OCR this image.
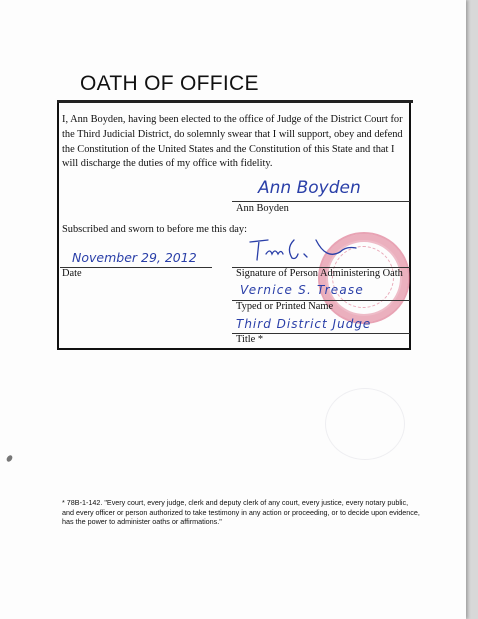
OATH OF OFFICE
I, Ann Boyden, having been elected to the office of Judge of the District Court for the Third Judicial District, do solemnly swear that I will support, obey and defend the Constitution of the United States and the Constitution of this State and that I will discharge the duties of my office with fidelity.
Ann Boyden
Ann Boyden
Subscribed and sworn to before me this day:
November 29, 2012
Date	Signature of Person Administering Oath
Vernice S. Trease
Typed or Printed Name
Third District Judge
Title *
* 78B-1-142. "Every court, every judge, clerk and deputy clerk of any court, every justice, every notary public, and every officer or person authorized to take testimony in any action or proceeding, or to decide upon evidence, has the power to administer oaths or affirmations."
